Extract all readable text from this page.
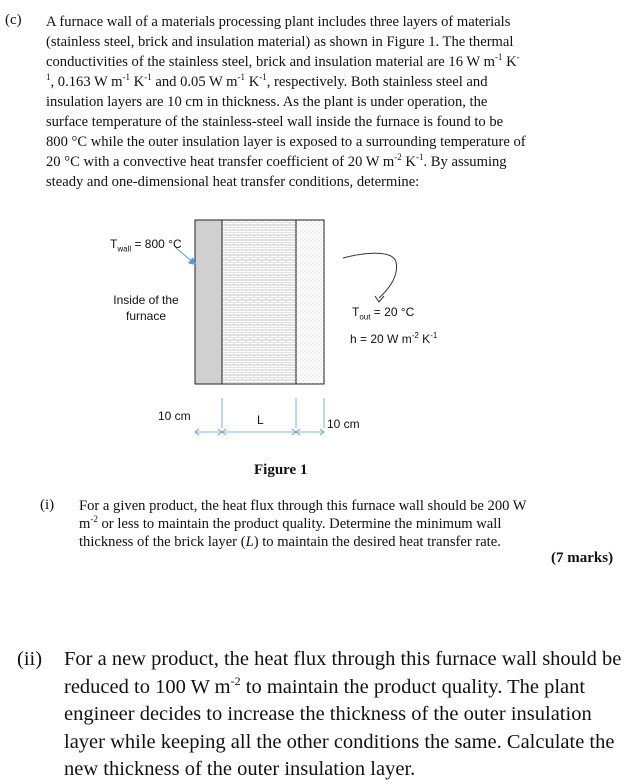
(c) A furnace wall of a materials processing plant includes three layers of materials (stainless steel, brick and insulation material) as shown in Figure 1. The thermal conductivities of the stainless steel, brick and insulation material are 16 W $m^{-1}$ $K^{-1}$, 0.163 W $m^{-1}$ $K^{-1}$ and 0.05 W $m^{-1}$ $K^{-1}$, respectively. Both stainless steel and insulation layers are 10 cm in thickness. As the plant is under operation, the surface temperature of the stainless-steel wall inside the furnace is found to be 800 °C while the outer insulation layer is exposed to a surrounding temperature of 20 °C with a convective heat transfer coefficient of 20 W $m^{-2}$ $K^{-1}$. By assuming steady and one-dimensional heat transfer conditions, determine:
$T_{wall} = 800$ °C
Inside of the
furnace	$T_{out} = 20$ °C
h = 20 W $m^{-2}$ $K^{-1}$
10 cm	L	10 cm
Figure 1
(i) For a given product, the heat flux through this furnace wall should be 200 W $m^{-2}$ or less to maintain the product quality. Determine the minimum wall thickness of the brick layer (L) to maintain the desired heat transfer rate.
(7 marks)
(ii) For a new product, the heat flux through this furnace wall should be reduced to 100 W $m^{-2}$ to maintain the product quality. The plant engineer decides to increase the thickness of the outer insulation layer while keeping all the other conditions the same. Calculate the new thickness of the outer insulation layer.
